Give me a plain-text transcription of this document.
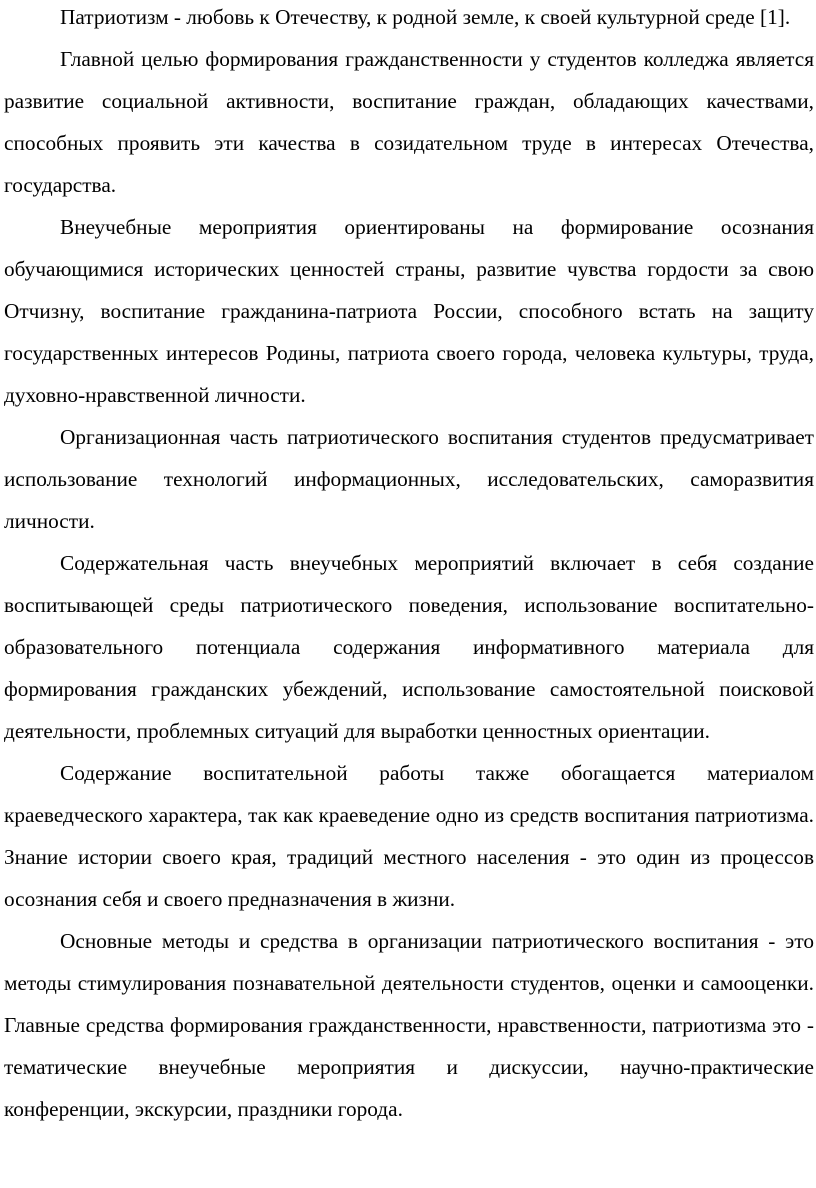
Патриотизм - любовь к Отечеству, к родной земле, к своей культурной среде [1].

Главной целью формирования гражданственности у студентов колледжа является развитие социальной активности, воспитание граждан, обладающих качествами, способных проявить эти качества в созидательном труде в интересах Отечества, государства.

Внеучебные мероприятия ориентированы на формирование осознания обучающимися исторических ценностей страны, развитие чувства гордости за свою Отчизну, воспитание гражданина-патриота России, способного встать на защиту государственных интересов Родины, патриота своего города, человека культуры, труда, духовно-нравственной личности.

Организационная часть патриотического воспитания студентов предусматривает использование технологий информационных, исследовательских, саморазвития личности.

Содержательная часть внеучебных мероприятий включает в себя создание воспитывающей среды патриотического поведения, использование воспитательно-образовательного потенциала содержания информативного материала для формирования гражданских убеждений, использование самостоятельной поисковой деятельности, проблемных ситуаций для выработки ценностных ориентации.

Содержание воспитательной работы также обогащается материалом краеведческого характера, так как краеведение одно из средств воспитания патриотизма. Знание истории своего края, традиций местного населения - это один из процессов осознания себя и своего предназначения в жизни.

Основные методы и средства в организации патриотического воспитания - это методы стимулирования познавательной деятельности студентов, оценки и самооценки. Главные средства формирования гражданственности, нравственности, патриотизма это - тематические внеучебные мероприятия и дискуссии, научно-практические конференции, экскурсии, праздники города.
